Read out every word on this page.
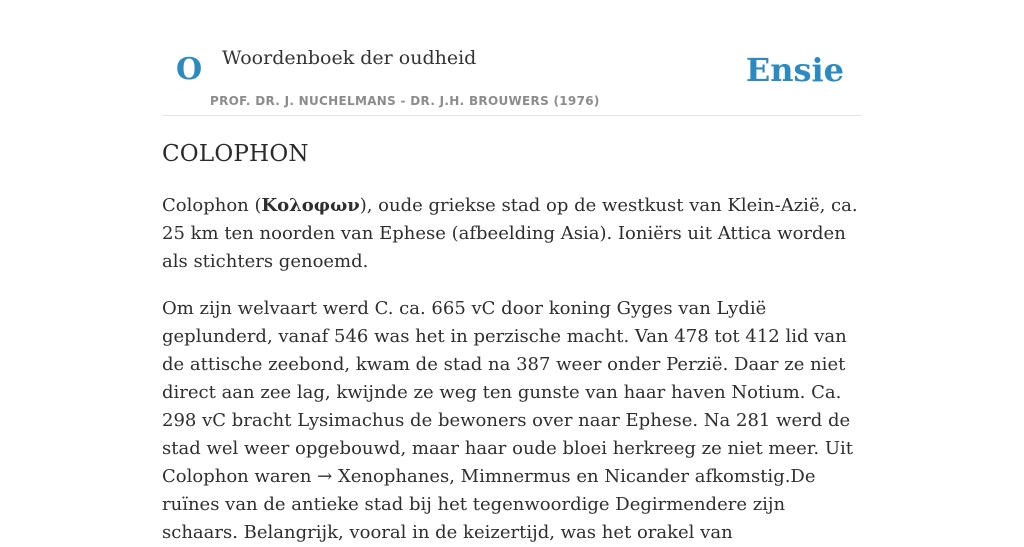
O Woordenboek der oudheid
PROF. DR. J. NUCHELMANS - DR. J.H. BROUWERS (1976)
Ensie
COLOPHON

Colophon (Κολοφων), oude griekse stad op de westkust van Klein-Azië, ca. 25 km ten noorden van Ephese (afbeelding Asia). Ioniërs uit Attica worden als stichters genoemd.

Om zijn welvaart werd C. ca. 665 vC door koning Gyges van Lydië geplunderd, vanaf 546 was het in perzische macht. Van 478 tot 412 lid van de attische zeebond, kwam de stad na 387 weer onder Perzië. Daar ze niet direct aan zee lag, kwijnde ze weg ten gunste van haar haven Notium. Ca. 298 vC bracht Lysimachus de bewoners over naar Ephese. Na 281 werd de stad wel weer opgebouwd, maar haar oude bloei herkreeg ze niet meer. Uit Colophon waren → Xenophanes, Mimnermus en Nicander afkomstig.De ruïnes van de antieke stad bij het tegenwoordige Degirmendere zijn schaars. Belangrijk, vooral in de keizertijd, was het orakel van
